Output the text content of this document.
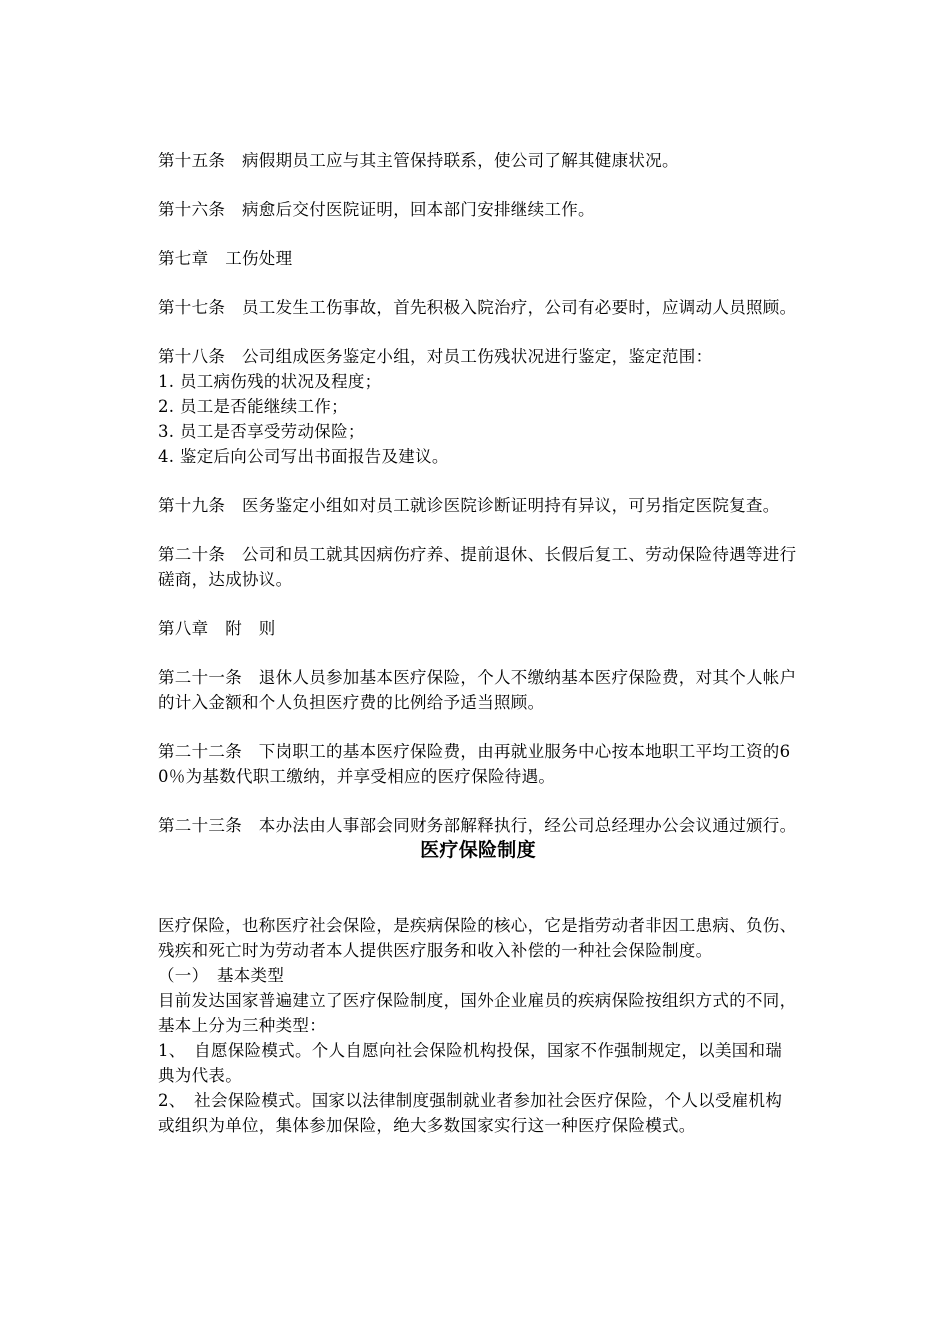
第十五条　病假期员工应与其主管保持联系，使公司了解其健康状况。

第十六条　病愈后交付医院证明，回本部门安排继续工作。

第七章　工伤处理

第十七条　员工发生工伤事故，首先积极入院治疗，公司有必要时，应调动人员照顾。

第十八条　公司组成医务鉴定小组，对员工伤残状况进行鉴定，鉴定范围：

1. 员工病伤残的状况及程度；

2. 员工是否能继续工作；

3. 员工是否享受劳动保险；

4. 鉴定后向公司写出书面报告及建议。

第十九条　医务鉴定小组如对员工就诊医院诊断证明持有异议，可另指定医院复查。

第二十条　公司和员工就其因病伤疗养、提前退休、长假后复工、劳动保险待遇等进行磋商，达成协议。

第八章　附　则

第二十一条　退休人员参加基本医疗保险，个人不缴纳基本医疗保险费，对其个人帐户的计入金额和个人负担医疗费的比例给予适当照顾。

第二十二条　下岗职工的基本医疗保险费，由再就业服务中心按本地职工平均工资的60％为基数代职工缴纳，并享受相应的医疗保险待遇。

第二十三条　本办法由人事部会同财务部解释执行，经公司总经理办公会议通过颁行。

医疗保险制度

医疗保险，也称医疗社会保险，是疾病保险的核心，它是指劳动者非因工患病、负伤、残疾和死亡时为劳动者本人提供医疗服务和收入补偿的一种社会保险制度。

（一）　基本类型

目前发达国家普遍建立了医疗保险制度，国外企业雇员的疾病保险按组织方式的不同，基本上分为三种类型：

1、　自愿保险模式。个人自愿向社会保险机构投保，国家不作强制规定，以美国和瑞典为代表。

2、　社会保险模式。国家以法律制度强制就业者参加社会医疗保险，个人以受雇机构或组织为单位，集体参加保险，绝大多数国家实行这一种医疗保险模式。
